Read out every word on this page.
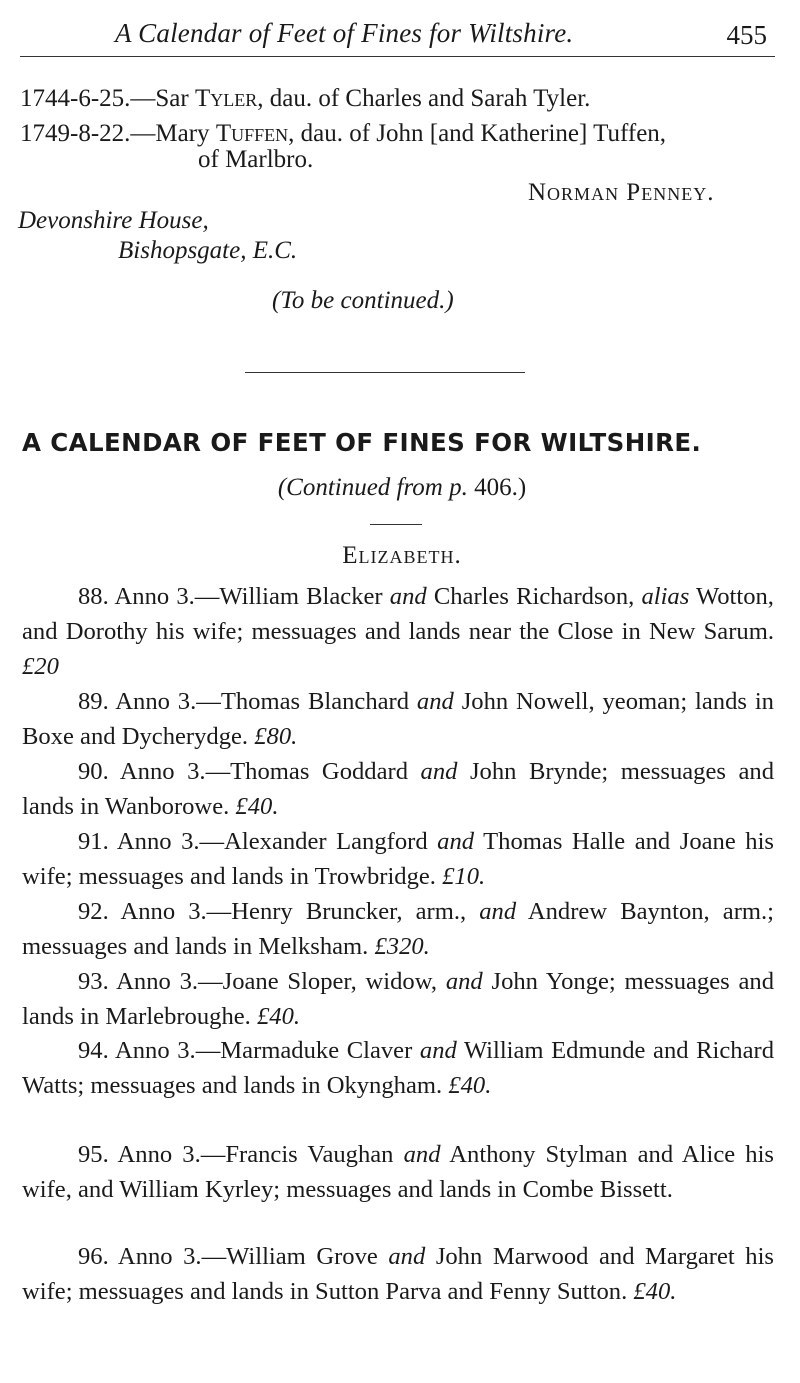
A Calendar of Feet of Fines for Wiltshire.	455
1744-6-25.—Sar Tyler, dau. of Charles and Sarah Tyler.
1749-8-22.—Mary Tuffen, dau. of John [and Katherine] Tuffen,
of Marlbro.
Norman Penney.
Devonshire House,
Bishopsgate, E.C.
(To be continued.)
A CALENDAR OF FEET OF FINES FOR WILTSHIRE.
(Continued from p. 406.)
Elizabeth.

88. Anno 3.—William Blacker and Charles Richardson, alias Wotton, and Dorothy his wife; messuages and lands near the Close in New Sarum. £20

89. Anno 3.—Thomas Blanchard and John Nowell, yeoman; lands in Boxe and Dycherydge. £80.

90. Anno 3.—Thomas Goddard and John Brynde; messuages and lands in Wanborowe. £40.

91. Anno 3.—Alexander Langford and Thomas Halle and Joane his wife; messuages and lands in Trowbridge. £10.

92. Anno 3.—Henry Bruncker, arm., and Andrew Baynton, arm.; messuages and lands in Melksham. £320.

93. Anno 3.—Joane Sloper, widow, and John Yonge; messuages and lands in Marlebroughe. £40.

94. Anno 3.—Marmaduke Claver and William Edmunde and Richard Watts; messuages and lands in Okyngham. £40.

95. Anno 3.—Francis Vaughan and Anthony Stylman and Alice his wife, and William Kyrley; messuages and lands in Combe Bissett.

96. Anno 3.—William Grove and John Marwood and Margaret his wife; messuages and lands in Sutton Parva and Fenny Sutton. £40.
